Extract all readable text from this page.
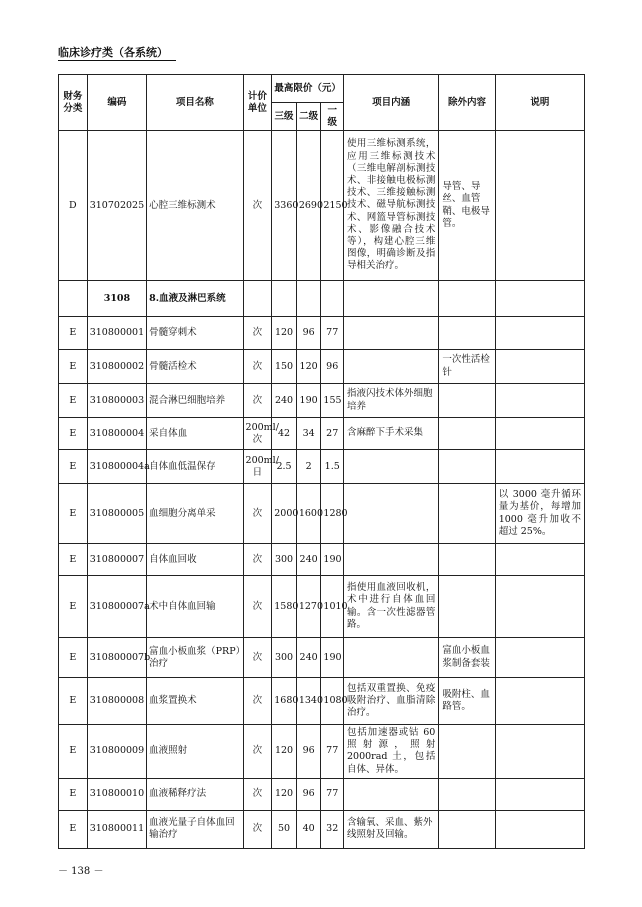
临床诊疗类（各系统）
财务分类	编码	项目名称	计价单位	最高限价（元）			项目内涵	除外内容	说明
				三级	二级	一级			
D	310702025	心腔三维标测术	次	3360	2690	2150	使用三维标测系统，应用三维标测技术（三维电解剖标测技术、非接触电极标测技术、三维接触标测技术、磁导航标测技术、网篮导管标测技术、影像融合技术等），构建心腔三维图像，明确诊断及指导相关治疗。	导管、导丝、血管鞘、电极导管。	
	3108	8.血液及淋巴系统							
E	310800001	骨髓穿刺术	次	120	96	77			
E	310800002	骨髓活检术	次	150	120	96		一次性活检针	
E	310800003	混合淋巴细胞培养	次	240	190	155	指液闪技术体外细胞培养		
E	310800004	采自体血	200ml/次	42	34	27	含麻醉下手术采集		
E	310800004a	自体血低温保存	200ml/日	2.5	2	1.5			
E	310800005	血细胞分离单采	次	2000	1600	1280			以 3000 毫升循环量为基价，每增加 1000 毫升加收不超过 25%。
E	310800007	自体血回收	次	300	240	190			
E	310800007a	术中自体血回输	次	1580	1270	1010	指使用血液回收机，术中进行自体血回输。含一次性滤器管路。		
E	310800007b	富血小板血浆（PRP）治疗	次	300	240	190		富血小板血浆制备套装	
E	310800008	血浆置换术	次	1680	1340	1080	包括双重置换、免疫吸附治疗、血脂清除治疗。	吸附柱、血路管。	
E	310800009	血液照射	次	120	96	77	包括加速器或钴 60 照射源，照射 2000rad 土，包括自体、异体。		
E	310800010	血液稀释疗法	次	120	96	77			
E	310800011	血液光量子自体血回输治疗	次	50	40	32	含输氧、采血、紫外线照射及回输。		
－ 138 －
